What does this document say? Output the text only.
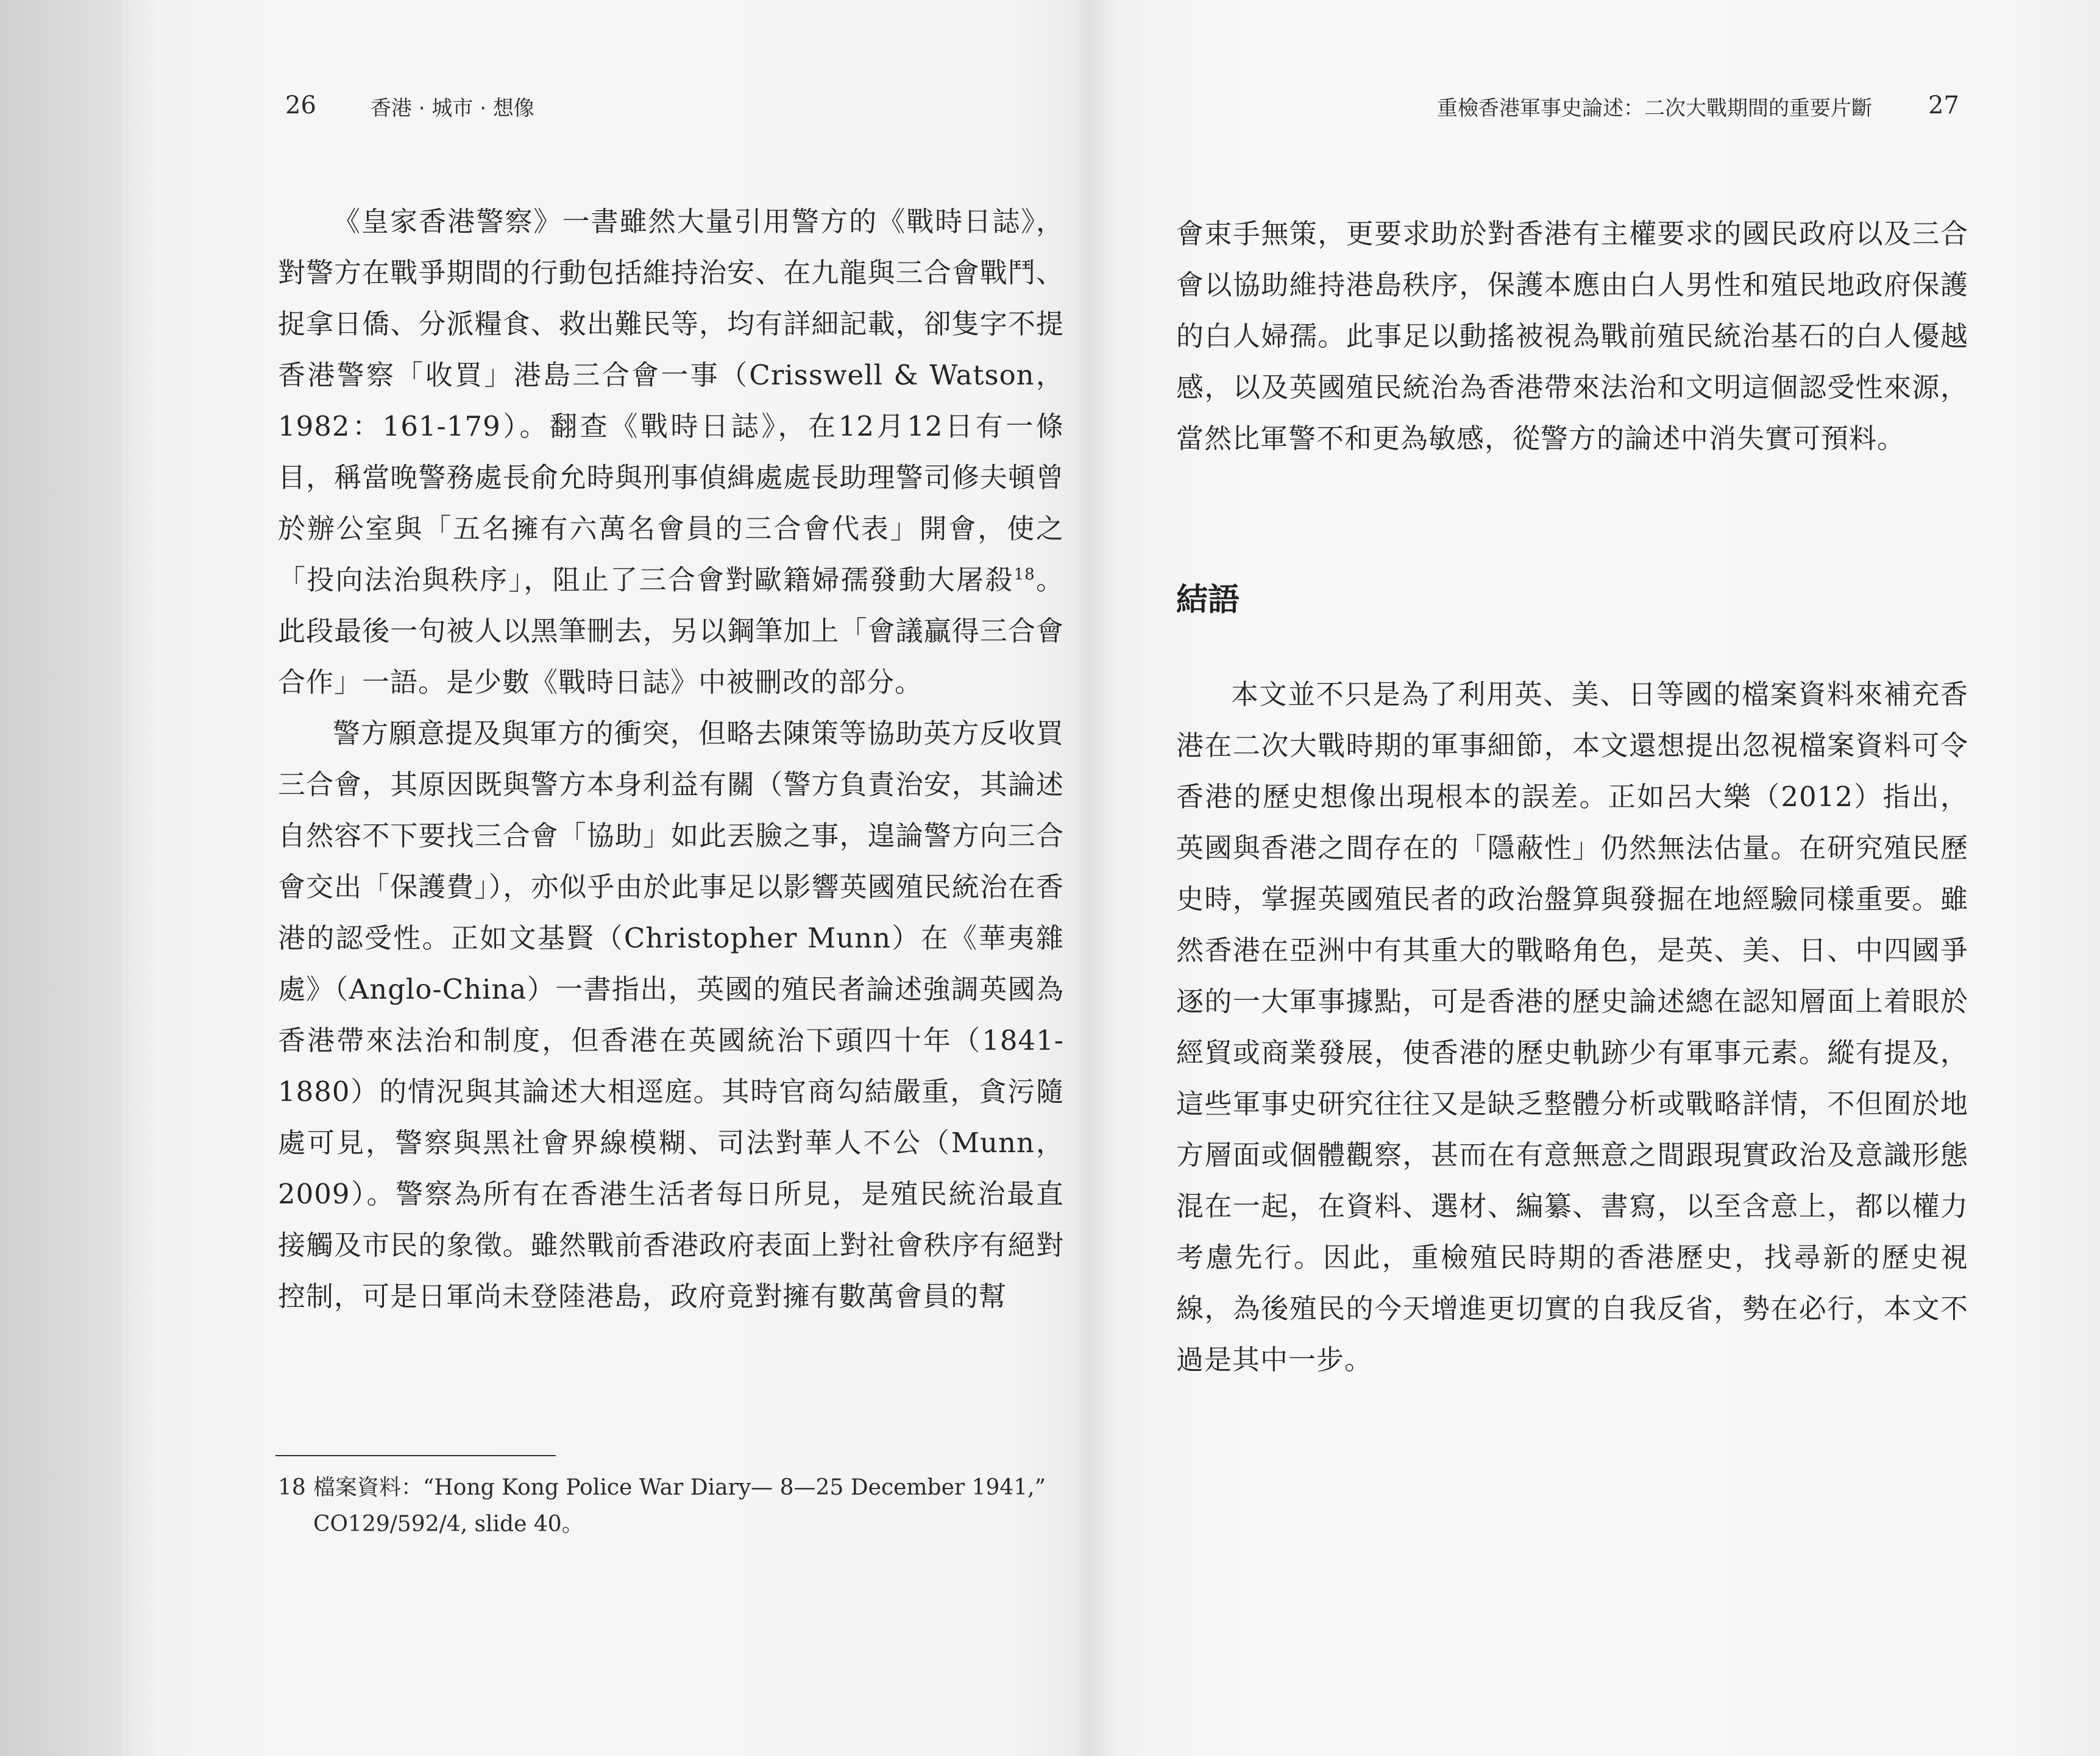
26	香港 · 城市 · 想像

《皇家香港警察》一書雖然大量引用警方的《戰時日誌》，對警方在戰爭期間的行動包括維持治安、在九龍與三合會戰鬥、捉拿日僑、分派糧食、救出難民等，均有詳細記載，卻隻字不提香港警察「收買」港島三合會一事（Crisswell & Watson，1982：161-179）。翻查《戰時日誌》，在12月12日有一條目，稱當晚警務處長俞允時與刑事偵緝處處長助理警司修夫頓曾於辦公室與「五名擁有六萬名會員的三合會代表」開會，使之「投向法治與秩序」，阻止了三合會對歐籍婦孺發動大屠殺$^{18}$。此段最後一句被人以黑筆刪去，另以鋼筆加上「會議贏得三合會合作」一語。是少數《戰時日誌》中被刪改的部分。

警方願意提及與軍方的衝突，但略去陳策等協助英方反收買三合會，其原因既與警方本身利益有關（警方負責治安，其論述自然容不下要找三合會「協助」如此丟臉之事，遑論警方向三合會交出「保護費」），亦似乎由於此事足以影響英國殖民統治在香港的認受性。正如文基賢（Christopher Munn）在《華夷雜處》（Anglo-China）一書指出，英國的殖民者論述強調英國為香港帶來法治和制度，但香港在英國統治下頭四十年（1841-1880）的情況與其論述大相逕庭。其時官商勾結嚴重，貪污隨處可見，警察與黑社會界線模糊、司法對華人不公（Munn，2009）。警察為所有在香港生活者每日所見，是殖民統治最直接觸及市民的象徵。雖然戰前香港政府表面上對社會秩序有絕對控制，可是日軍尚未登陸港島，政府竟對擁有數萬會員的幫

18 檔案資料：“Hong Kong Police War Diary— 8—25 December 1941,”
CO129/592/4, slide 40。
重檢香港軍事史論述：二次大戰期間的重要片斷 27

會束手無策，更要求助於對香港有主權要求的國民政府以及三合會以協助維持港島秩序，保護本應由白人男性和殖民地政府保護的白人婦孺。此事足以動搖被視為戰前殖民統治基石的白人優越感，以及英國殖民統治為香港帶來法治和文明這個認受性來源，當然比軍警不和更為敏感，從警方的論述中消失實可預料。

結語

本文並不只是為了利用英、美、日等國的檔案資料來補充香港在二次大戰時期的軍事細節，本文還想提出忽視檔案資料可令香港的歷史想像出現根本的誤差。正如呂大樂（2012）指出，英國與香港之間存在的「隱蔽性」仍然無法估量。在研究殖民歷史時，掌握英國殖民者的政治盤算與發掘在地經驗同樣重要。雖然香港在亞洲中有其重大的戰略角色，是英、美、日、中四國爭逐的一大軍事據點，可是香港的歷史論述總在認知層面上着眼於經貿或商業發展，使香港的歷史軌跡少有軍事元素。縱有提及，這些軍事史研究往往又是缺乏整體分析或戰略詳情，不但囿於地方層面或個體觀察，甚而在有意無意之間跟現實政治及意識形態混在一起，在資料、選材、編纂、書寫，以至含意上，都以權力考慮先行。因此，重檢殖民時期的香港歷史，找尋新的歷史視線，為後殖民的今天增進更切實的自我反省，勢在必行，本文不過是其中一步。
